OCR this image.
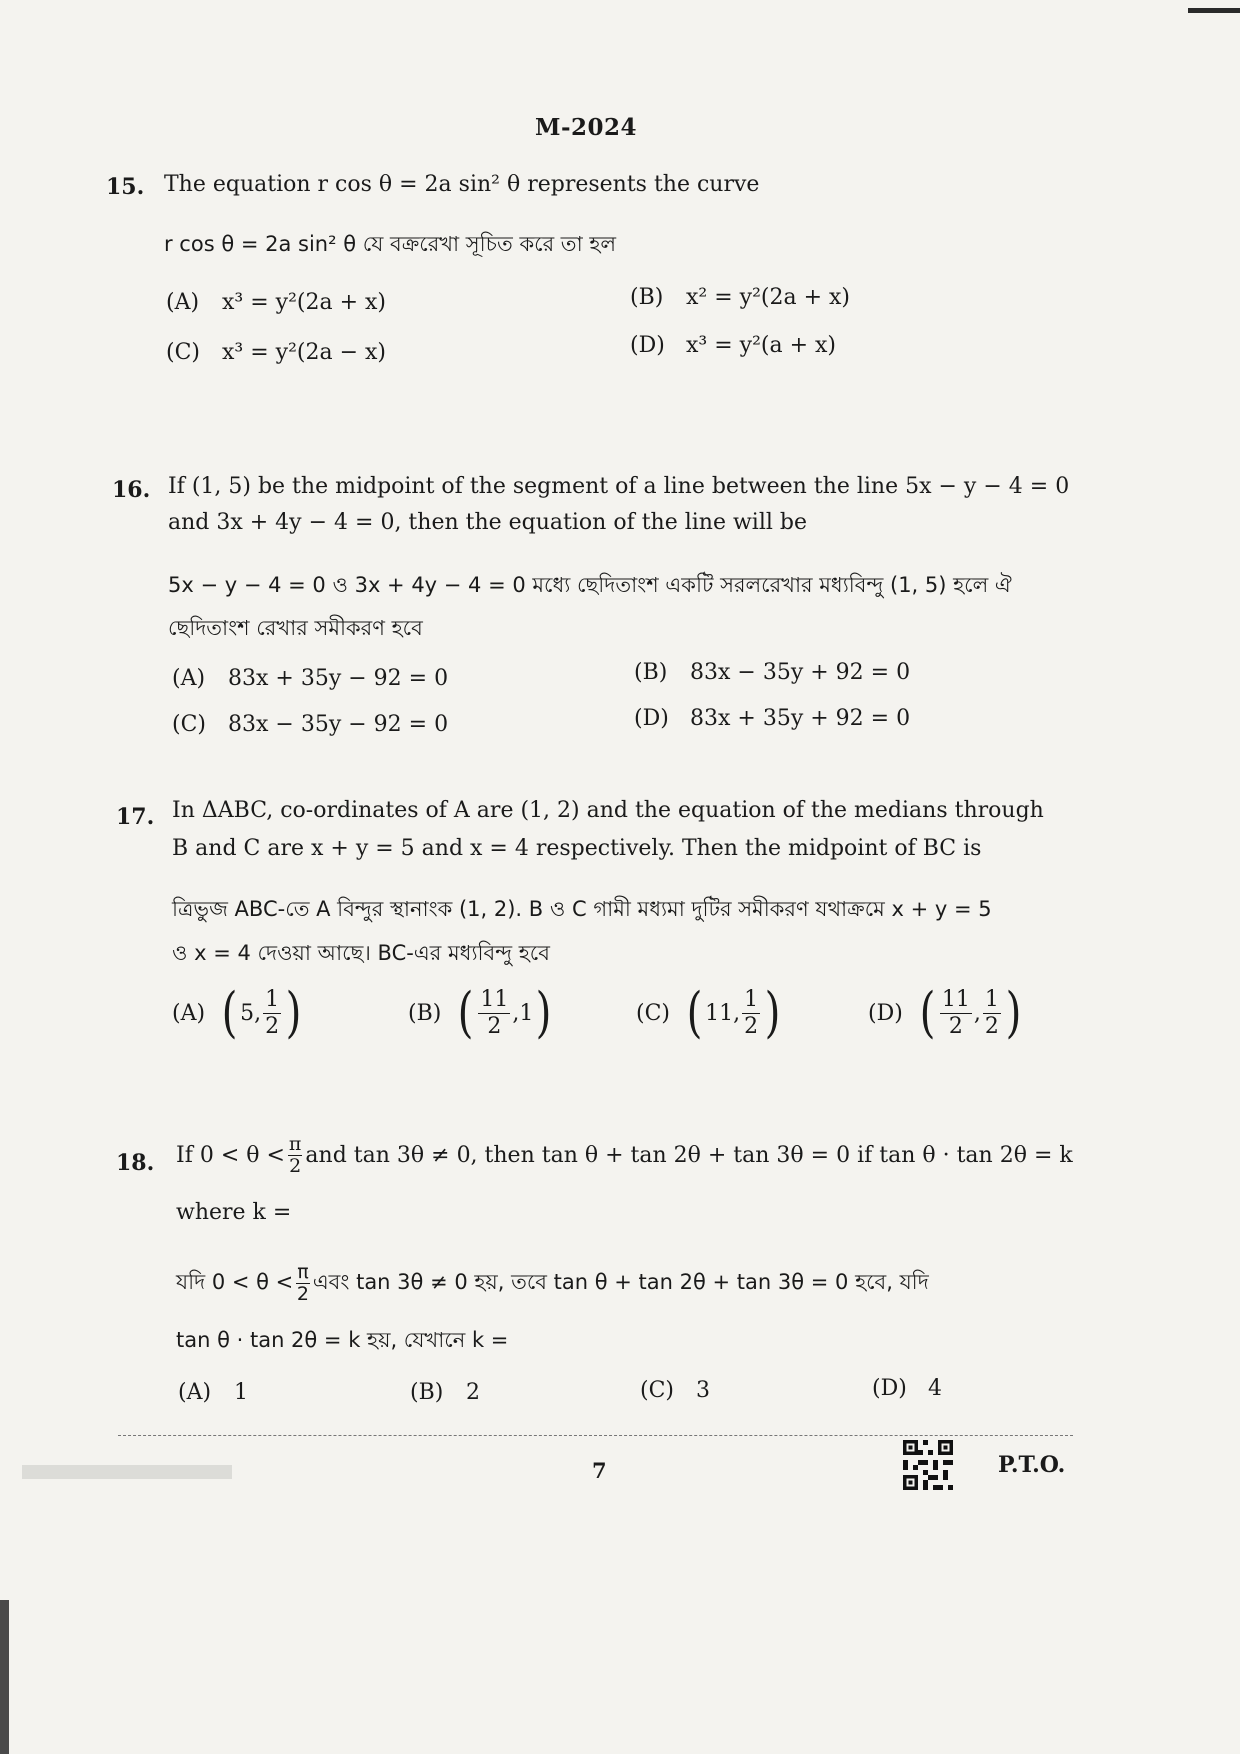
M-2024
15. The equation r cos θ = 2a sin² θ represents the curve
r cos θ = 2a sin² θ যে বক্ররেখা সূচিত করে তা হল
(A) x³ = y²(2a + x)	(B) x² = y²(2a + x)
(C) x³ = y²(2a − x)	(D) x³ = y²(a + x)
16. If (1, 5) be the midpoint of the segment of a line between the line 5x − y − 4 = 0
and 3x + 4y − 4 = 0, then the equation of the line will be
5x − y − 4 = 0 ও 3x + 4y − 4 = 0 মধ্যে ছেদিতাংশ একটি সরলরেখার মধ্যবিন্দু (1, 5) হলে ঐ
ছেদিতাংশ রেখার সমীকরণ হবে
(A) 83x + 35y − 92 = 0	(B) 83x − 35y + 92 = 0
(C) 83x − 35y − 92 = 0	(D) 83x + 35y + 92 = 0
17. In ΔABC, co-ordinates of A are (1, 2) and the equation of the medians through
B and C are x + y = 5 and x = 4 respectively. Then the midpoint of BC is
ত্রিভুজ ABC-তে A বিন্দুর স্থানাংক (1, 2). B ও C গামী মধ্যমা দুটির সমীকরণ যথাক্রমে x + y = 5
ও x = 4 দেওয়া আছে। BC-এর মধ্যবিন্দু হবে
(A) ( 5, $\frac{1}{2}$ )	(B) ( $\frac{11}{2} ,1$ )	(C) ( 11, $\frac{1}{2}$ )	(D) ( $\frac{11}{2}$ , $\frac{1}{2}$ )
18. If $0 < \theta < \frac{\pi}{2}$ and tan 3θ ≠ 0, then tan θ + tan 2θ + tan 3θ = 0 if tan θ · tan 2θ = k
where k =
যদি $0 < \theta < \frac{\pi}{2}$ এবং tan 3θ ≠ 0 হয়, তবে tan θ + tan 2θ + tan 3θ = 0 হবে, যদি
tan θ · tan 2θ = k হয়, যেখানে k =
(A) 1	(B) 2	(C) 3	(D) 4
7	P.T.O.
